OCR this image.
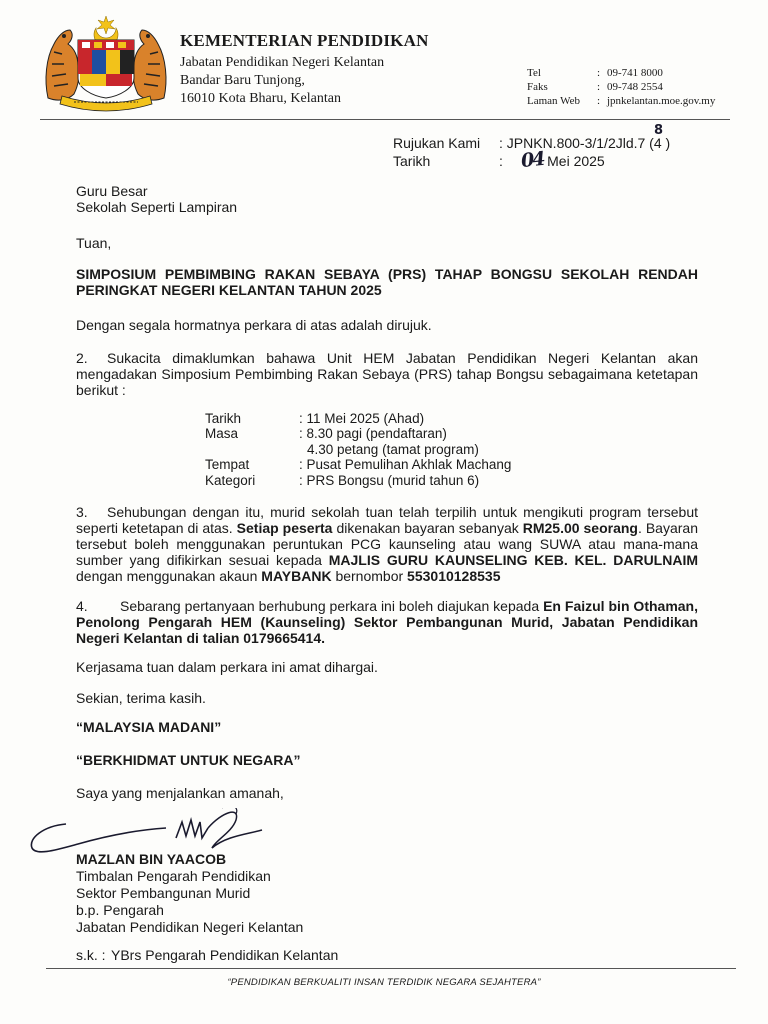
KEMENTERIAN PENDIDIKAN
Jabatan Pendidikan Negeri Kelantan
Bandar Baru Tunjong,
16010 Kota Bharu, Kelantan
Tel	: 09-741 8000
Faks	: 09-748 2554
Laman Web : jpnkelantan.moe.gov.my
Rujukan Kami : JPNKN.800-3/1/2Jld.7 (4 )
8
Tarikh	: 04 Mei 2025
Guru Besar
Sekolah Seperti Lampiran
Tuan,
SIMPOSIUM PEMBIMBING RAKAN SEBAYA (PRS) TAHAP BONGSU SEKOLAH RENDAH PERINGKAT NEGERI KELANTAN TAHUN 2025
Dengan segala hormatnya perkara di atas adalah dirujuk.
2. Sukacita dimaklumkan bahawa Unit HEM Jabatan Pendidikan Negeri Kelantan akan mengadakan Simposium Pembimbing Rakan Sebaya (PRS) tahap Bongsu sebagaimana ketetapan berikut :
Tarikh	: 11 Mei 2025 (Ahad)
Masa	: 8.30 pagi (pendaftaran)
4.30 petang (tamat program)
Tempat	: Pusat Pemulihan Akhlak Machang
Kategori	: PRS Bongsu (murid tahun 6)
3. Sehubungan dengan itu, murid sekolah tuan telah terpilih untuk mengikuti program tersebut seperti ketetapan di atas. Setiap peserta dikenakan bayaran sebanyak RM25.00 seorang. Bayaran tersebut boleh menggunakan peruntukan PCG kaunseling atau wang SUWA atau mana-mana sumber yang difikirkan sesuai kepada MAJLIS GURU KAUNSELING KEB. KEL. DARULNAIM dengan menggunakan akaun MAYBANK bernombor 553010128535
4. Sebarang pertanyaan berhubung perkara ini boleh diajukan kepada En Faizul bin Othaman, Penolong Pengarah HEM (Kaunseling) Sektor Pembangunan Murid, Jabatan Pendidikan Negeri Kelantan di talian 0179665414.
Kerjasama tuan dalam perkara ini amat dihargai.
Sekian, terima kasih.
“MALAYSIA MADANI”
“BERKHIDMAT UNTUK NEGARA”
Saya yang menjalankan amanah,
MAZLAN BIN YAACOB
Timbalan Pengarah Pendidikan
Sektor Pembangunan Murid
b.p. Pengarah
Jabatan Pendidikan Negeri Kelantan
s.k. : YBrs Pengarah Pendidikan Kelantan
“PENDIDIKAN BERKUALITI INSAN TERDIDIK NEGARA SEJAHTERA”
